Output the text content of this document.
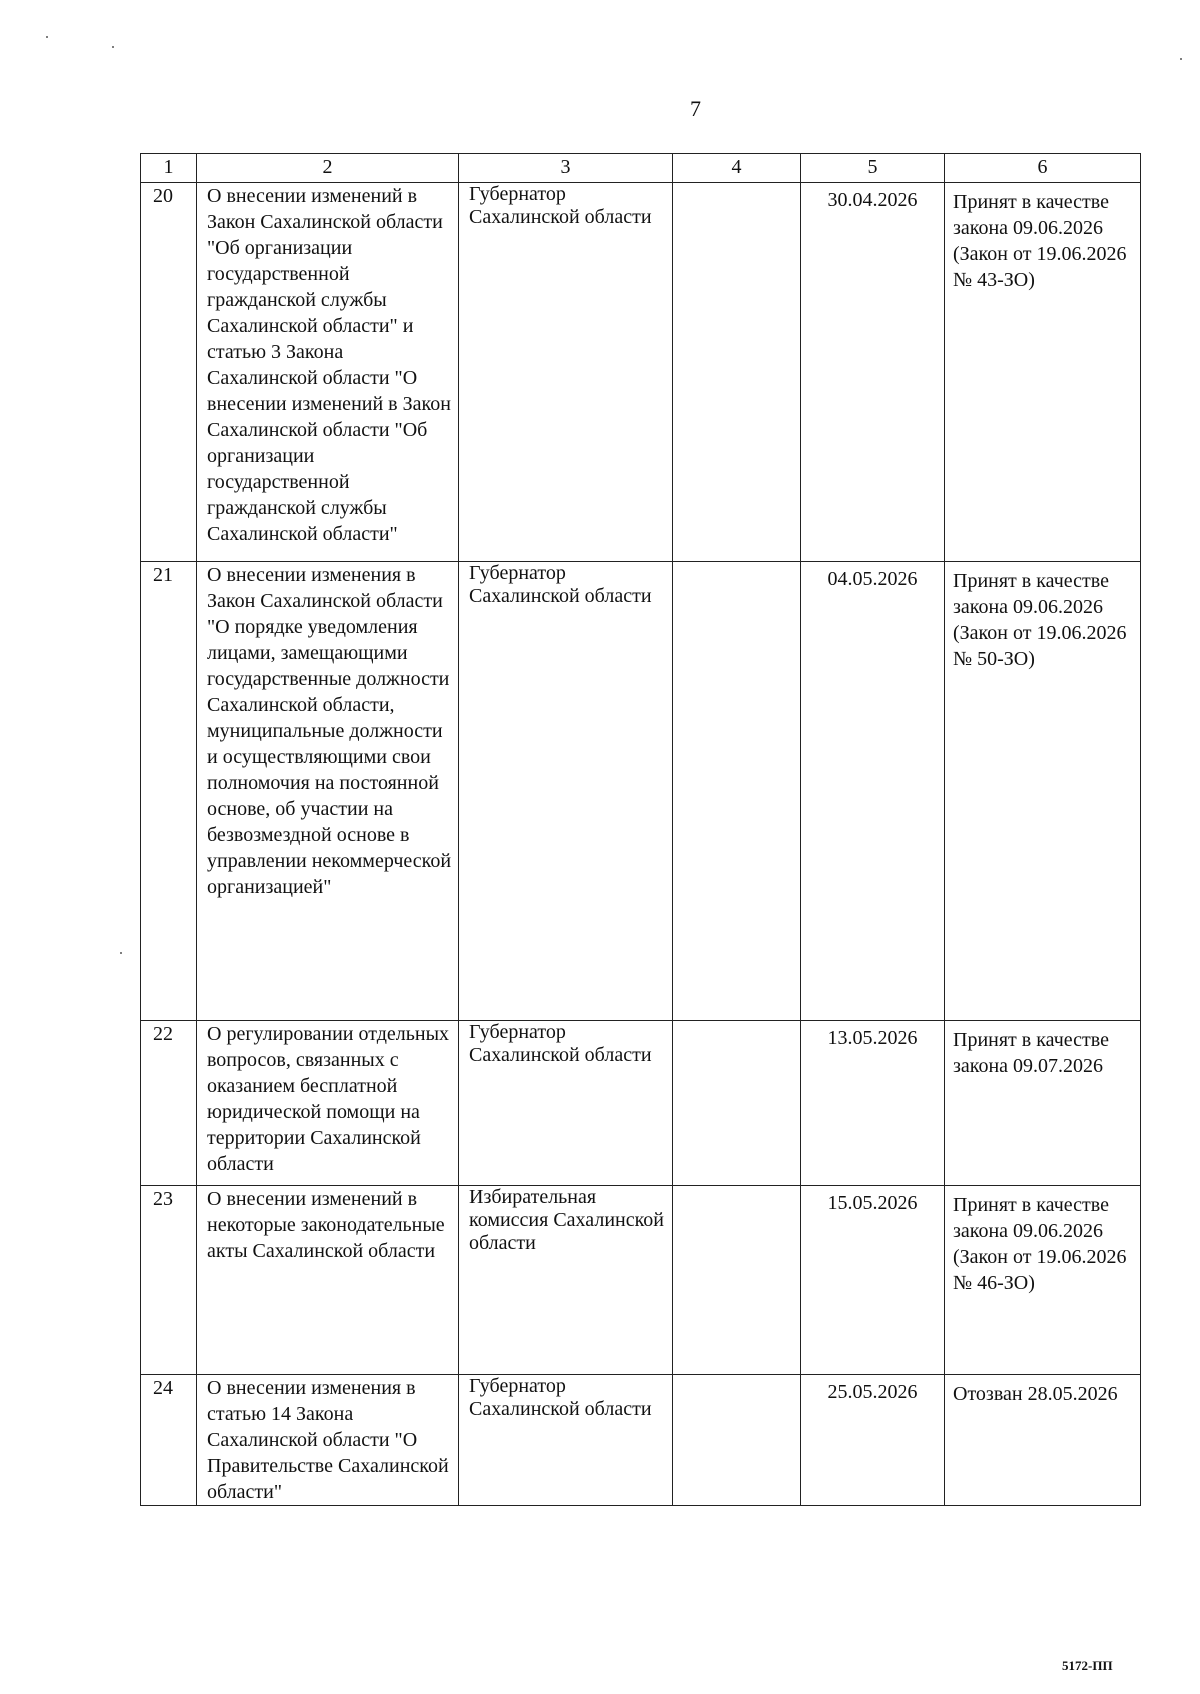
7
1	2	3	4	5	6
20	О внесении изменений в Закон Сахалинской области "Об организации государственной гражданской службы Сахалинской области" и статью 3 Закона Сахалинской области "О внесении изменений в Закон Сахалинской области "Об организации государственной гражданской службы Сахалинской области"	Губернатор Сахалинской области		30.04.2026	Принят в качестве закона 09.06.2026 (Закон от 19.06.2026 № 43-ЗО)
21	О внесении изменения в Закон Сахалинской области "О порядке уведомления лицами, замещающими государственные должности Сахалинской области, муниципальные должности и осуществляющими свои полномочия на постоянной основе, об участии на безвозмездной основе в управлении некоммерческой организацией"	Губернатор Сахалинской области		04.05.2026	Принят в качестве закона 09.06.2026 (Закон от 19.06.2026 № 50-ЗО)
22	О регулировании отдельных вопросов, связанных с оказанием бесплатной юридической помощи на территории Сахалинской области	Губернатор Сахалинской области		13.05.2026	Принят в качестве закона 09.07.2026
23	О внесении изменений в некоторые законодательные акты Сахалинской области	Избирательная комиссия Сахалинской области		15.05.2026	Принят в качестве закона 09.06.2026 (Закон от 19.06.2026 № 46-ЗО)
24	О внесении изменения в статью 14 Закона Сахалинской области "О Правительстве Сахалинской области"	Губернатор Сахалинской области		25.05.2026	Отозван 28.05.2026
5172-ПП
